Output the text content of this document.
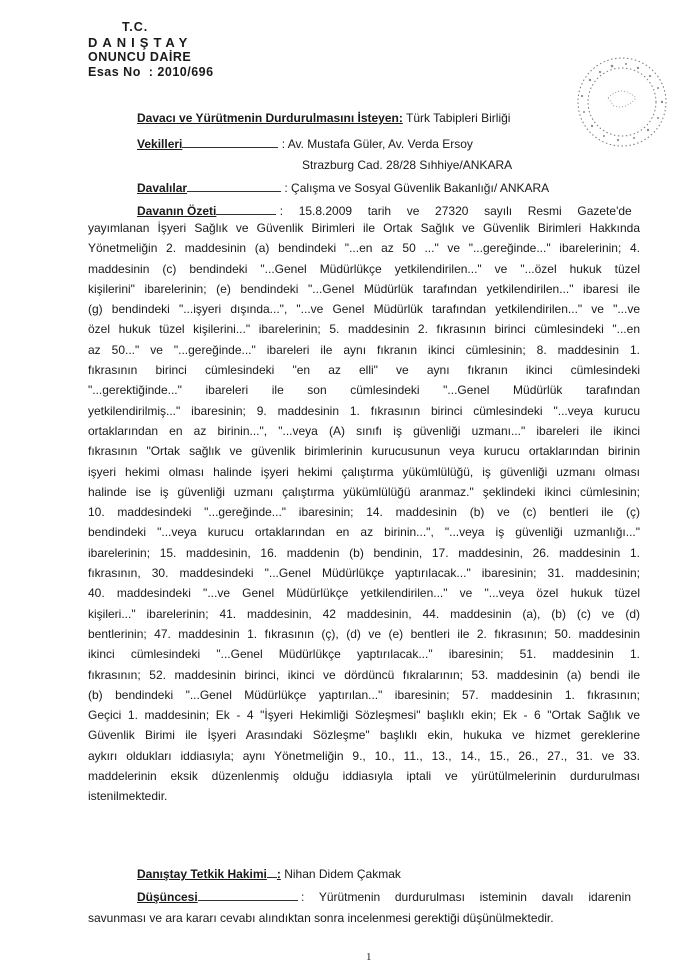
T.C.
DANIŞTAY
ONUNCU DAİRE
Esas No : 2010/696
Davacı ve Yürütmenin Durdurulmasını İsteyen: Türk Tabipleri Birliği
Vekilleri	: Av. Mustafa Güler, Av. Verda Ersoy
Strazburg Cad. 28/28 Sıhhiye/ANKARA
Davalılar	: Çalışma ve Sosyal Güvenlik Bakanlığı/ ANKARA
Davanın Özeti	: 15.8.2009 tarih ve 27320 sayılı Resmi Gazete'de
yayımlanan İşyeri Sağlık ve Güvenlik Birimleri ile Ortak Sağlık ve Güvenlik Birimleri Hakkında
Yönetmeliğin 2. maddesinin (a) bendindeki "...en az 50 ..." ve "...gereğinde..." ibarelerinin; 4.
maddesinin (c) bendindeki "...Genel Müdürlükçe yetkilendirilen..." ve "...özel hukuk tüzel
kişilerini" ibarelerinin; (e) bendindeki "...Genel Müdürlük tarafından yetkilendirilen..." ibaresi ile
(g) bendindeki "...işyeri dışında...", "...ve Genel Müdürlük tarafından yetkilendirilen..." ve "...ve
özel hukuk tüzel kişilerini..." ibarelerinin; 5. maddesinin 2. fıkrasının birinci cümlesindeki "...en
az 50..." ve "...gereğinde..." ibareleri ile aynı fıkranın ikinci cümlesinin; 8. maddesinin 1.
fıkrasının birinci cümlesindeki "en az elli" ve aynı fıkranın ikinci cümlesindeki
"...gerektiğinde..." ibareleri ile son cümlesindeki "...Genel Müdürlük tarafından
yetkilendirilmiş..." ibaresinin; 9. maddesinin 1. fıkrasının birinci cümlesindeki "...veya kurucu
ortaklarından en az birinin...", "...veya (A) sınıfı iş güvenliği uzmanı..." ibareleri ile ikinci
fıkrasının "Ortak sağlık ve güvenlik birimlerinin kurucusunun veya kurucu ortaklarından birinin
işyeri hekimi olması halinde işyeri hekimi çalıştırma yükümlülüğü, iş güvenliği uzmanı olması
halinde ise iş güvenliği uzmanı çalıştırma yükümlülüğü aranmaz." şeklindeki ikinci cümlesinin;
10. maddesindeki "...gereğinde..." ibaresinin; 14. maddesinin (b) ve (c) bentleri ile (ç)
bendindeki "...veya kurucu ortaklarından en az birinin...", "...veya iş güvenliği uzmanlığı..."
ibarelerinin; 15. maddesinin, 16. maddenin (b) bendinin, 17. maddesinin, 26. maddesinin 1.
fıkrasının, 30. maddesindeki "...Genel Müdürlükçe yaptırılacak..." ibaresinin; 31. maddesinin;
40. maddesindeki "...ve Genel Müdürlükçe yetkilendirilen..." ve "...veya özel hukuk tüzel
kişileri..." ibarelerinin; 41. maddesinin, 42 maddesinin, 44. maddesinin (a), (b) (c) ve (d)
bentlerinin; 47. maddesinin 1. fıkrasının (ç), (d) ve (e) bentleri ile 2. fıkrasının; 50. maddesinin
ikinci cümlesindeki "...Genel Müdürlükçe yaptırılacak..." ibaresinin; 51. maddesinin 1.
fıkrasının; 52. maddesinin birinci, ikinci ve dördüncü fıkralarının; 53. maddesinin (a) bendi ile
(b) bendindeki "...Genel Müdürlükçe yaptırılan..." ibaresinin; 57. maddesinin 1. fıkrasının;
Geçici 1. maddesinin; Ek - 4 "İşyeri Hekimliği Sözleşmesi" başlıklı ekin; Ek - 6 "Ortak Sağlık ve
Güvenlik Birimi ile İşyeri Arasındaki Sözleşme" başlıklı ekin, hukuka ve hizmet gereklerine
aykırı oldukları iddiasıyla; aynı Yönetmeliğin 9., 10., 11., 13., 14., 15., 26., 27., 31. ve 33.
maddelerinin eksik düzenlenmiş olduğu iddiasıyla iptali ve yürütülmelerinin durdurulması
istenilmektedir.
Danıştay Tetkik Hakimi : Nihan Didem Çakmak
Düşüncesi	: Yürütmenin durdurulması isteminin davalı idarenin
savunması ve ara kararı cevabı alındıktan sonra incelenmesi gerektiği düşünülmektedir.
1
